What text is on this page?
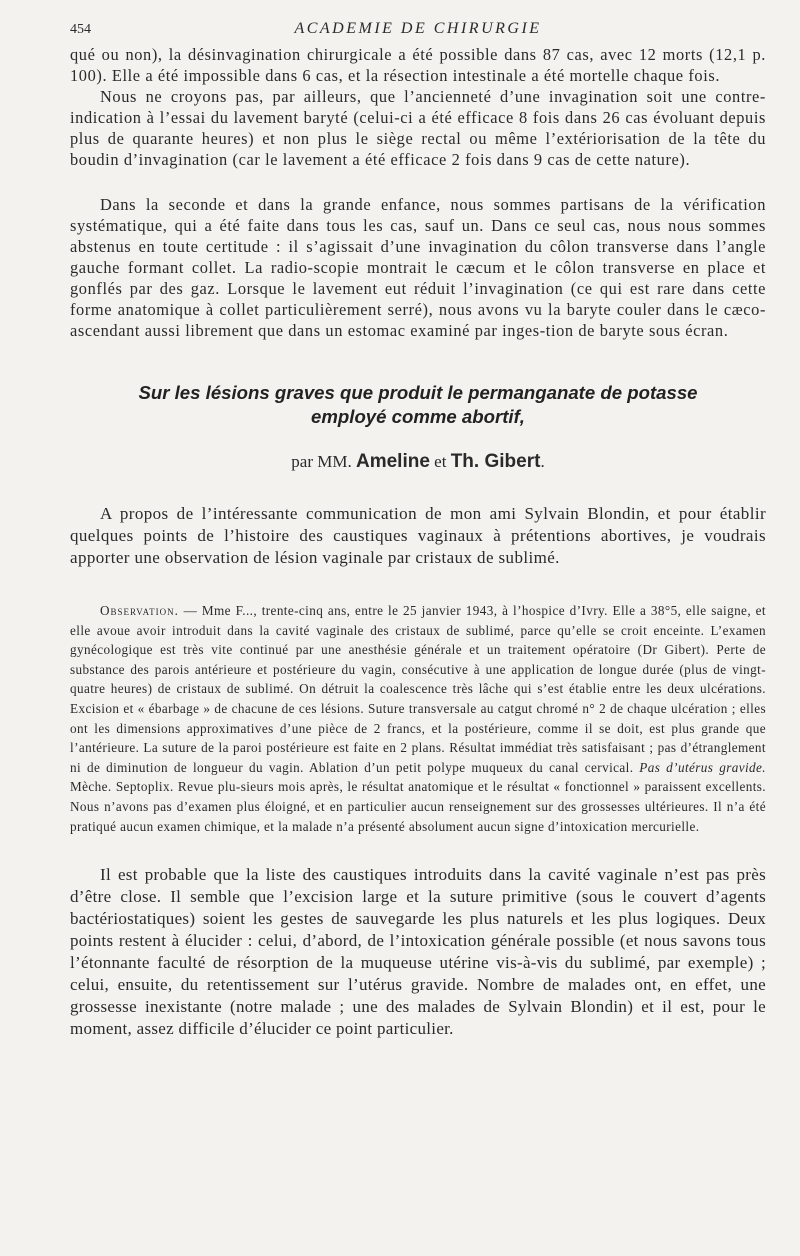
454	ACADEMIE DE CHIRURGIE

qué ou non), la désinvagination chirurgicale a été possible dans 87 cas, avec 12 morts (12,1 p. 100). Elle a été impossible dans 6 cas, et la résection intestinale a été mortelle chaque fois.

Nous ne croyons pas, par ailleurs, que l’ancienneté d’une invagination soit une contre-indication à l’essai du lavement baryté (celui-ci a été efficace 8 fois dans 26 cas évoluant depuis plus de quarante heures) et non plus le siège rectal ou même l’extériorisation de la tête du boudin d’invagination (car le lavement a été efficace 2 fois dans 9 cas de cette nature).

Dans la seconde et dans la grande enfance, nous sommes partisans de la vérification systématique, qui a été faite dans tous les cas, sauf un. Dans ce seul cas, nous nous sommes abstenus en toute certitude : il s’agissait d’une invagination du côlon transverse dans l’angle gauche formant collet. La radio-scopie montrait le cæcum et le côlon transverse en place et gonflés par des gaz. Lorsque le lavement eut réduit l’invagination (ce qui est rare dans cette forme anatomique à collet particulièrement serré), nous avons vu la baryte couler dans le cæco-ascendant aussi librement que dans un estomac examiné par inges-tion de baryte sous écran.

Sur les lésions graves que produit le permanganate de potasse
employé comme abortif,
par MM. Ameline et Th. Gibert.

A propos de l’intéressante communication de mon ami Sylvain Blondin, et pour établir quelques points de l’histoire des caustiques vaginaux à prétentions abortives, je voudrais apporter une observation de lésion vaginale par cristaux de sublimé.

Observation. — Mme F..., trente-cinq ans, entre le 25 janvier 1943, à l’hospice d’Ivry. Elle a 38°5, elle saigne, et elle avoue avoir introduit dans la cavité vaginale des cristaux de sublimé, parce qu’elle se croit enceinte. L’examen gynécologique est très vite continué par une anesthésie générale et un traitement opératoire (Dr Gibert). Perte de substance des parois antérieure et postérieure du vagin, consécutive à une application de longue durée (plus de vingt-quatre heures) de cristaux de sublimé. On détruit la coalescence très lâche qui s’est établie entre les deux ulcérations. Excision et « ébarbage » de chacune de ces lésions. Suture transversale au catgut chromé n° 2 de chaque ulcération ; elles ont les dimensions approximatives d’une pièce de 2 francs, et la postérieure, comme il se doit, est plus grande que l’antérieure. La suture de la paroi postérieure est faite en 2 plans. Résultat immédiat très satisfaisant ; pas d’étranglement ni de diminution de longueur du vagin. Ablation d’un petit polype muqueux du canal cervical. Pas d’utérus gravide. Mèche. Septoplix. Revue plu-sieurs mois après, le résultat anatomique et le résultat « fonctionnel » paraissent excellents. Nous n’avons pas d’examen plus éloigné, et en particulier aucun renseignement sur des grossesses ultérieures. Il n’a été pratiqué aucun examen chimique, et la malade n’a présenté absolument aucun signe d’intoxication mercurielle.

Il est probable que la liste des caustiques introduits dans la cavité vaginale n’est pas près d’être close. Il semble que l’excision large et la suture primitive (sous le couvert d’agents bactériostatiques) soient les gestes de sauvegarde les plus naturels et les plus logiques. Deux points restent à élucider : celui, d’abord, de l’intoxication générale possible (et nous savons tous l’étonnante faculté de résorption de la muqueuse utérine vis-à-vis du sublimé, par exemple) ; celui, ensuite, du retentissement sur l’utérus gravide. Nombre de malades ont, en effet, une grossesse inexistante (notre malade ; une des malades de Sylvain Blondin) et il est, pour le moment, assez difficile d’élucider ce point particulier.
